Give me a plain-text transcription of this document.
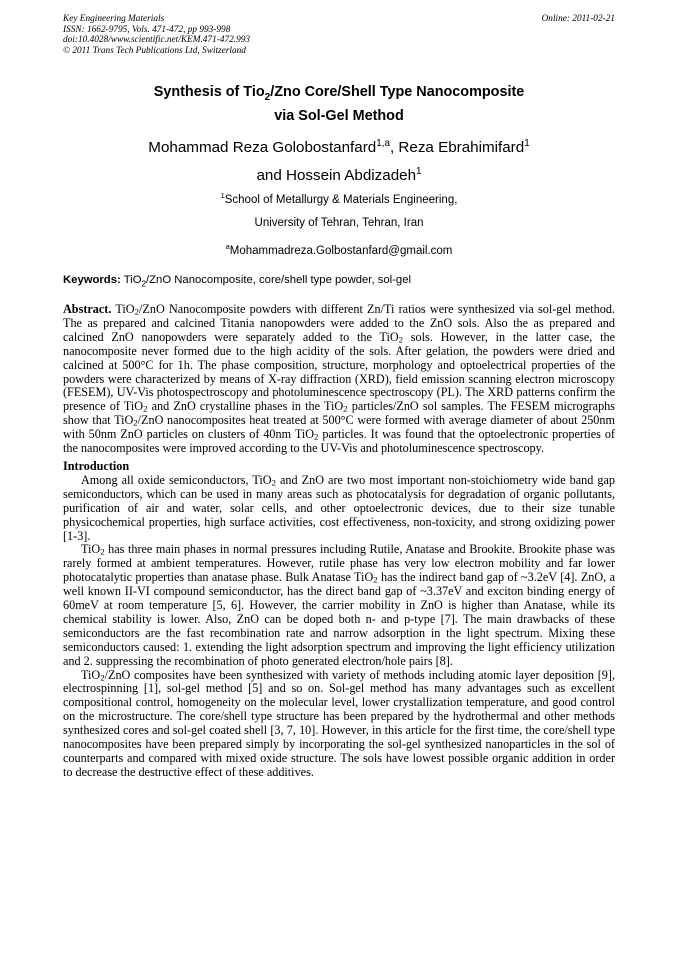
Key Engineering Materials
ISSN: 1662-9795, Vols. 471-472, pp 993-998
doi:10.4028/www.scientific.net/KEM.471-472.993
© 2011 Trans Tech Publications Ltd, Switzerland
Online: 2011-02-21
Synthesis of Tio$_2$/Zno Core/Shell Type Nanocomposite
via Sol-Gel Method
Mohammad Reza Golobostanfard$^{1,a}$, Reza Ebrahimifard$^1$
and Hossein Abdizadeh$^1$
$^1$School of Metallurgy & Materials Engineering,
University of Tehran, Tehran, Iran
$^a$Mohammadreza.Golbostanfard@gmail.com
Keywords: TiO$_2$/ZnO Nanocomposite, core/shell type powder, sol-gel

Abstract. TiO$_2$/ZnO Nanocomposite powders with different Zn/Ti ratios were synthesized via sol-gel method. The as prepared and calcined Titania nanopowders were added to the ZnO sols. Also the as prepared and calcined ZnO nanopowders were separately added to the TiO$_2$ sols. However, in the latter case, the nanocomposite never formed due to the high acidity of the sols. After gelation, the powders were dried and calcined at 500°C for 1h. The phase composition, structure, morphology and optoelectrical properties of the powders were characterized by means of X-ray diffraction (XRD), field emission scanning electron microscopy (FESEM), UV-Vis photospectroscopy and photoluminescence spectroscopy (PL). The XRD patterns confirm the presence of TiO$_2$ and ZnO crystalline phases in the TiO$_2$ particles/ZnO sol samples. The FESEM micrographs show that TiO$_2$/ZnO nanocomposites heat treated at 500°C were formed with average diameter of about 250nm with 50nm ZnO particles on clusters of 40nm TiO$_2$ particles. It was found that the optoelectronic properties of the nanocomposites were improved according to the UV-Vis and photoluminescence spectroscopy.

Introduction

Among all oxide semiconductors, TiO$_2$ and ZnO are two most important non-stoichiometry wide band gap semiconductors, which can be used in many areas such as photocatalysis for degradation of organic pollutants, purification of air and water, solar cells, and other optoelectronic devices, due to their size tunable physicochemical properties, high surface activities, cost effectiveness, non-toxicity, and strong oxidizing power [1-3].

TiO$_2$ has three main phases in normal pressures including Rutile, Anatase and Brookite. Brookite phase was rarely formed at ambient temperatures. However, rutile phase has very low electron mobility and far lower photocatalytic properties than anatase phase. Bulk Anatase TiO$_2$ has the indirect band gap of ~3.2eV [4]. ZnO, a well known II-VI compound semiconductor, has the direct band gap of ~3.37eV and exciton binding energy of 60meV at room temperature [5, 6]. However, the carrier mobility in ZnO is higher than Anatase, while its chemical stability is lower. Also, ZnO can be doped both n- and p-type [7]. The main drawbacks of these semiconductors are the fast recombination rate and narrow adsorption in the light spectrum. Mixing these semiconductors caused: 1. extending the light adsorption spectrum and improving the light efficiency utilization and 2. suppressing the recombination of photo generated electron/hole pairs [8].

TiO$_2$/ZnO composites have been synthesized with variety of methods including atomic layer deposition [9], electrospinning [1], sol-gel method [5] and so on. Sol-gel method has many advantages such as excellent compositional control, homogeneity on the molecular level, lower crystallization temperature, and good control on the microstructure. The core/shell type structure has been prepared by the hydrothermal and other methods synthesized cores and sol-gel coated shell [3, 7, 10]. However, in this article for the first time, the core/shell type nanocomposites have been prepared simply by incorporating the sol-gel synthesized nanoparticles in the sol of counterparts and compared with mixed oxide structure. The sols have lowest possible organic addition in order to decrease the destructive effect of these additives.
